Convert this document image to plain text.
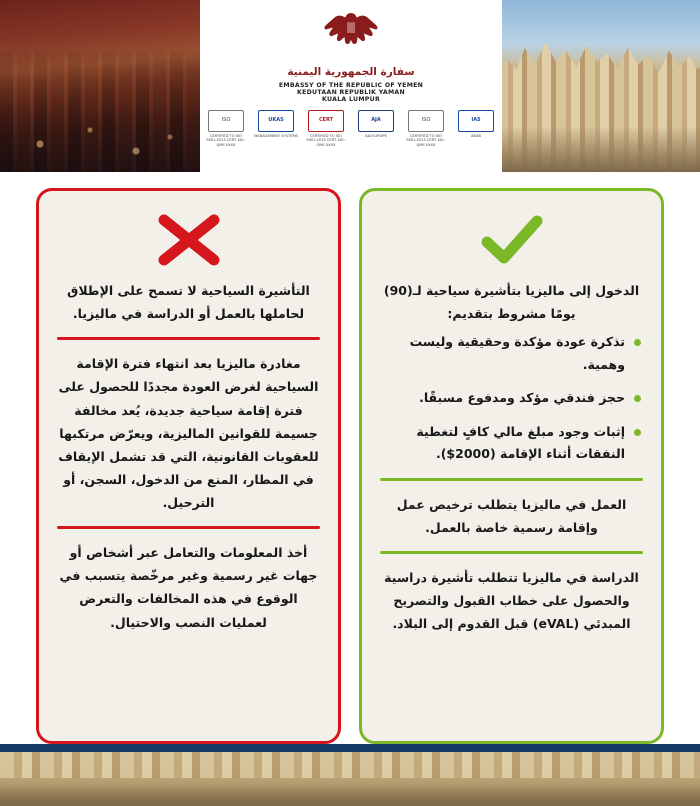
سفارة الجمهورية اليمنية
EMBASSY OF THE REPUBLIC OF YEMEN
KEDUTAAN REPUBLIK YAMAN
KUALA LUMPUR
ISO
CERTIFIED TO ISO 9001:2015 CERT. NO.: QMS 0XXX
UKAS
MANAGEMENT SYSTEMS
CERT
CERTIFIED TO ISO 9001:2015 CERT. NO.: QMS 0XXX
AJA
AJA EUROPE
ISO
CERTIFIED TO ISO 9001:2015 CERT. NO.: QMS 0XXX
IAS
ANAB
التأشيرة السياحية لا تسمح على الإطلاق لحاملها بالعمل أو الدراسة في ماليزيا.
مغادرة ماليزيا بعد انتهاء فترة الإقامة السياحية لغرض العودة مجددًا للحصول على فترة إقامة سياحية جديدة، يُعد مخالفة جسيمة للقوانين الماليزية، ويعرّض مرتكبها للعقوبات القانونية، التي قد تشمل الإيقاف في المطار، المنع من الدخول، السجن، أو الترحيل.
أخذ المعلومات والتعامل عبر أشخاص أو جهات غير رسمية وغير مرخّصة يتسبب في الوقوع في هذه المخالفات والتعرض لعمليات النصب والاحتيال.
الدخول إلى ماليزيا بتأشيرة سياحية لـ(90) يومًا مشروط بتقديم:
تذكرة عودة مؤكدة وحقيقية وليست وهمية.
حجز فندقي مؤكد ومدفوع مسبقًا.
إثبات وجود مبلغ مالي كافٍ لتغطية النفقات أثناء الإقامة (2000$).
العمل في ماليزيا يتطلب ترخيص عمل وإقامة رسمية خاصة بالعمل.
الدراسة في ماليزيا تتطلب تأشيرة دراسية والحصول على خطاب القبول والتصريح المبدئي (eVAL) قبل القدوم إلى البلاد.
